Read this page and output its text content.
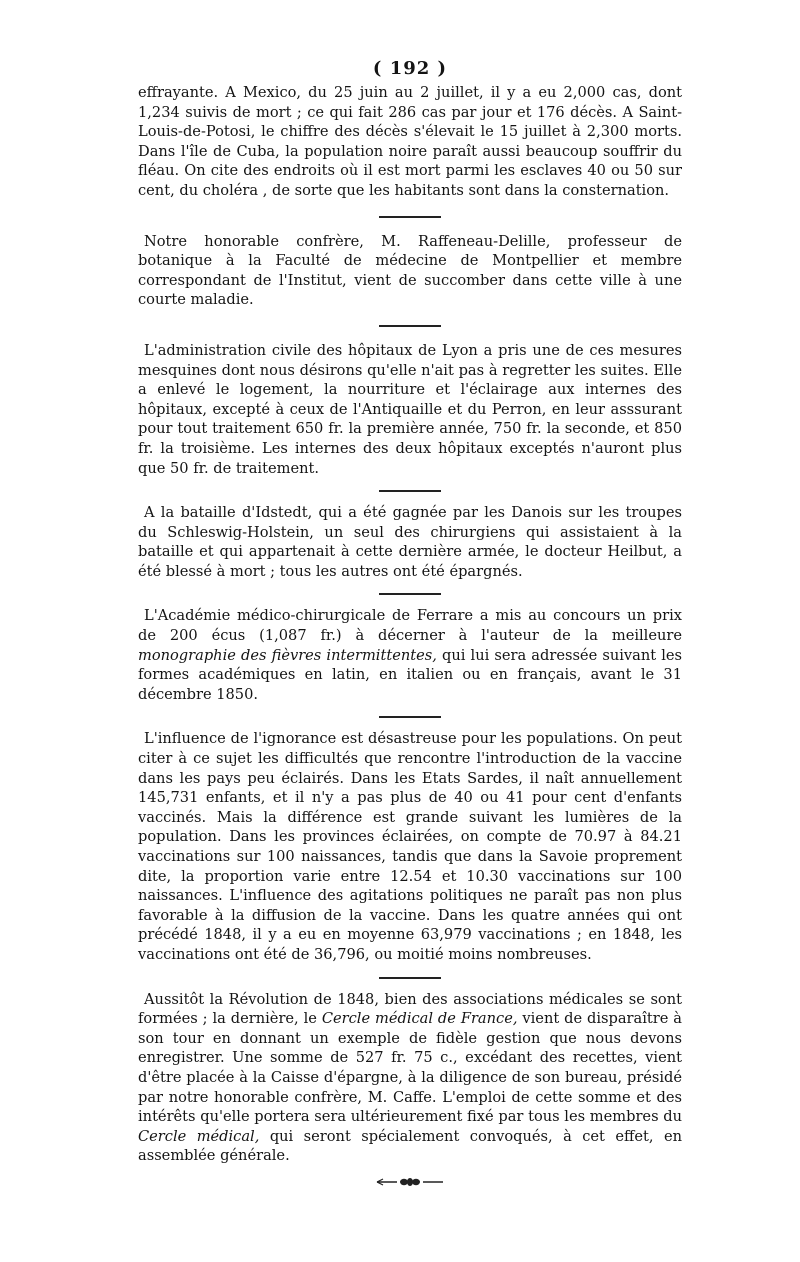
( 192 )

effrayante. A Mexico, du 25 juin au 2 juillet, il y a eu 2,000 cas, dont 1,234 suivis de mort ; ce qui fait 286 cas par jour et 176 décès. A Saint-Louis-de-Potosi, le chiffre des décès s'élevait le 15 juillet à 2,300 morts. Dans l'île de Cuba, la population noire paraît aussi beaucoup souffrir du fléau. On cite des endroits où il est mort parmi les esclaves 40 ou 50 sur cent, du choléra , de sorte que les habitants sont dans la consternation.

Notre honorable confrère, M. Raffeneau-Delille, professeur de botanique à la Faculté de médecine de Montpellier et membre correspondant de l'Institut, vient de succomber dans cette ville à une courte maladie.

L'administration civile des hôpitaux de Lyon a pris une de ces mesures mesquines dont nous désirons qu'elle n'ait pas à regretter les suites. Elle a enlevé le logement, la nourriture et l'éclairage aux internes des hôpitaux, excepté à ceux de l'Antiquaille et du Perron, en leur asssurant pour tout traitement 650 fr. la première année, 750 fr. la seconde, et 850 fr. la troisième. Les internes des deux hôpitaux exceptés n'auront plus que 50 fr. de traitement.

A la bataille d'Idstedt, qui a été gagnée par les Danois sur les troupes du Schleswig-Holstein, un seul des chirurgiens qui assistaient à la bataille et qui appartenait à cette dernière armée, le docteur Heilbut, a été blessé à mort ; tous les autres ont été épargnés.

L'Académie médico-chirurgicale de Ferrare a mis au concours un prix de 200 écus (1,087 fr.) à décerner à l'auteur de la meilleure monographie des fièvres intermittentes, qui lui sera adressée suivant les formes académiques en latin, en italien ou en français, avant le 31 décembre 1850.

L'influence de l'ignorance est désastreuse pour les populations. On peut citer à ce sujet les difficultés que rencontre l'introduction de la vaccine dans les pays peu éclairés. Dans les Etats Sardes, il naît annuellement 145,731 enfants, et il n'y a pas plus de 40 ou 41 pour cent d'enfants vaccinés. Mais la différence est grande suivant les lumières de la population. Dans les provinces éclairées, on compte de 70.97 à 84.21 vaccinations sur 100 naissances, tandis que dans la Savoie proprement dite, la proportion varie entre 12.54 et 10.30 vaccinations sur 100 naissances. L'influence des agitations politiques ne paraît pas non plus favorable à la diffusion de la vaccine. Dans les quatre années qui ont précédé 1848, il y a eu en moyenne 63,979 vaccinations ; en 1848, les vaccinations ont été de 36,796, ou moitié moins nombreuses.

Aussitôt la Révolution de 1848, bien des associations médicales se sont formées ; la dernière, le Cercle médical de France, vient de disparaître à son tour en donnant un exemple de fidèle gestion que nous devons enregistrer. Une somme de 527 fr. 75 c., excédant des recettes, vient d'être placée à la Caisse d'épargne, à la diligence de son bureau, présidé par notre honorable confrère, M. Caffe. L'emploi de cette somme et des intérêts qu'elle portera sera ultérieurement fixé par tous les membres du Cercle médical, qui seront spécialement convoqués, à cet effet, en assemblée générale.
